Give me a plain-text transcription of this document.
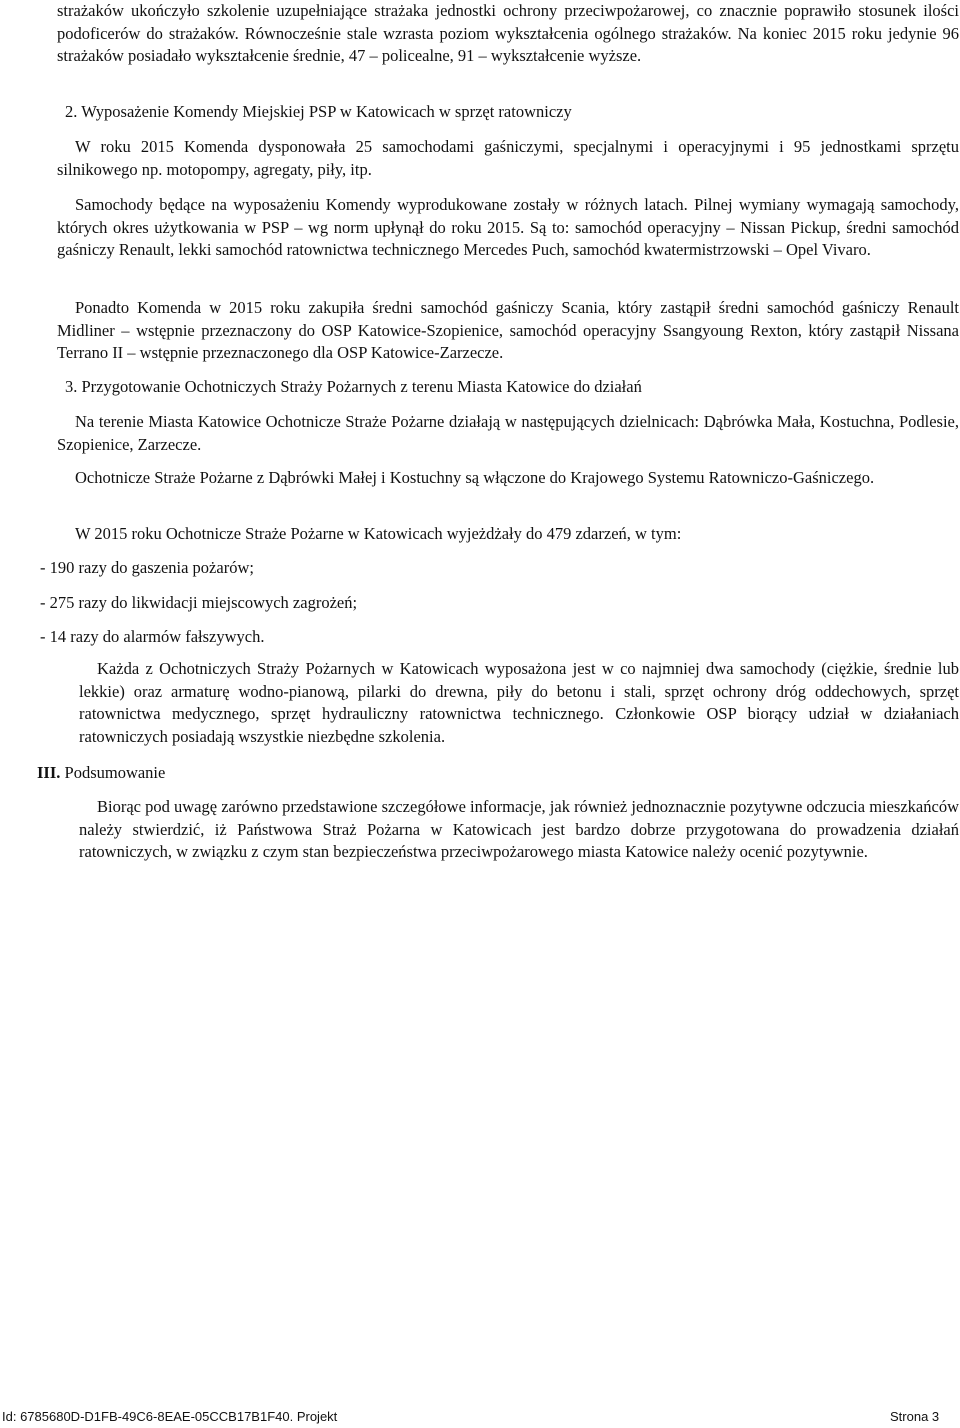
strażaków ukończyło szkolenie uzupełniające strażaka jednostki ochrony przeciwpożarowej, co znacznie poprawiło stosunek ilości podoficerów do strażaków. Równocześnie stale wzrasta poziom wykształcenia ogólnego strażaków. Na koniec 2015 roku jedynie 96 strażaków posiadało wykształcenie średnie, 47 – policealne, 91 – wykształcenie wyższe.

2. Wyposażenie Komendy Miejskiej PSP w Katowicach w sprzęt ratowniczy

W roku 2015 Komenda dysponowała 25 samochodami gaśniczymi, specjalnymi i operacyjnymi i 95 jednostkami sprzętu silnikowego np. motopompy, agregaty, piły, itp.

Samochody będące na wyposażeniu Komendy wyprodukowane zostały w różnych latach. Pilnej wymiany wymagają samochody, których okres użytkowania w PSP – wg norm upłynął do roku 2015. Są to: samochód operacyjny – Nissan Pickup, średni samochód gaśniczy Renault, lekki samochód ratownictwa technicznego Mercedes Puch, samochód kwatermistrzowski – Opel Vivaro.

Ponadto Komenda w 2015 roku zakupiła średni samochód gaśniczy Scania, który zastąpił średni samochód gaśniczy Renault Midliner – wstępnie przeznaczony do OSP Katowice-Szopienice, samochód operacyjny Ssangyoung Rexton, który zastąpił Nissana Terrano II – wstępnie przeznaczonego dla OSP Katowice-Zarzecze.

3. Przygotowanie Ochotniczych Straży Pożarnych z terenu Miasta Katowice do działań

Na terenie Miasta Katowice Ochotnicze Straże Pożarne działają w następujących dzielnicach: Dąbrówka Mała, Kostuchna, Podlesie, Szopienice, Zarzecze.

Ochotnicze Straże Pożarne z Dąbrówki Małej i Kostuchny są włączone do Krajowego Systemu Ratowniczo-Gaśniczego.

W 2015 roku Ochotnicze Straże Pożarne w Katowicach wyjeżdżały do 479 zdarzeń, w tym:

- 190 razy do gaszenia pożarów;
- 275 razy do likwidacji miejscowych zagrożeń;
- 14 razy do alarmów fałszywych.

Każda z Ochotniczych Straży Pożarnych w Katowicach wyposażona jest w co najmniej dwa samochody (ciężkie, średnie lub lekkie) oraz armaturę wodno-pianową, pilarki do drewna, piły do betonu i stali, sprzęt ochrony dróg oddechowych, sprzęt ratownictwa medycznego, sprzęt hydrauliczny ratownictwa technicznego. Członkowie OSP biorący udział w działaniach ratowniczych posiadają wszystkie niezbędne szkolenia.

III. Podsumowanie

Biorąc pod uwagę zarówno przedstawione szczegółowe informacje, jak również jednoznacznie pozytywne odczucia mieszkańców należy stwierdzić, iż Państwowa Straż Pożarna w Katowicach jest bardzo dobrze przygotowana do prowadzenia działań ratowniczych, w związku z czym stan bezpieczeństwa przeciwpożarowego miasta Katowice należy ocenić pozytywnie.

Id: 6785680D-D1FB-49C6-8EAE-05CCB17B1F40. Projekt	Strona 3
